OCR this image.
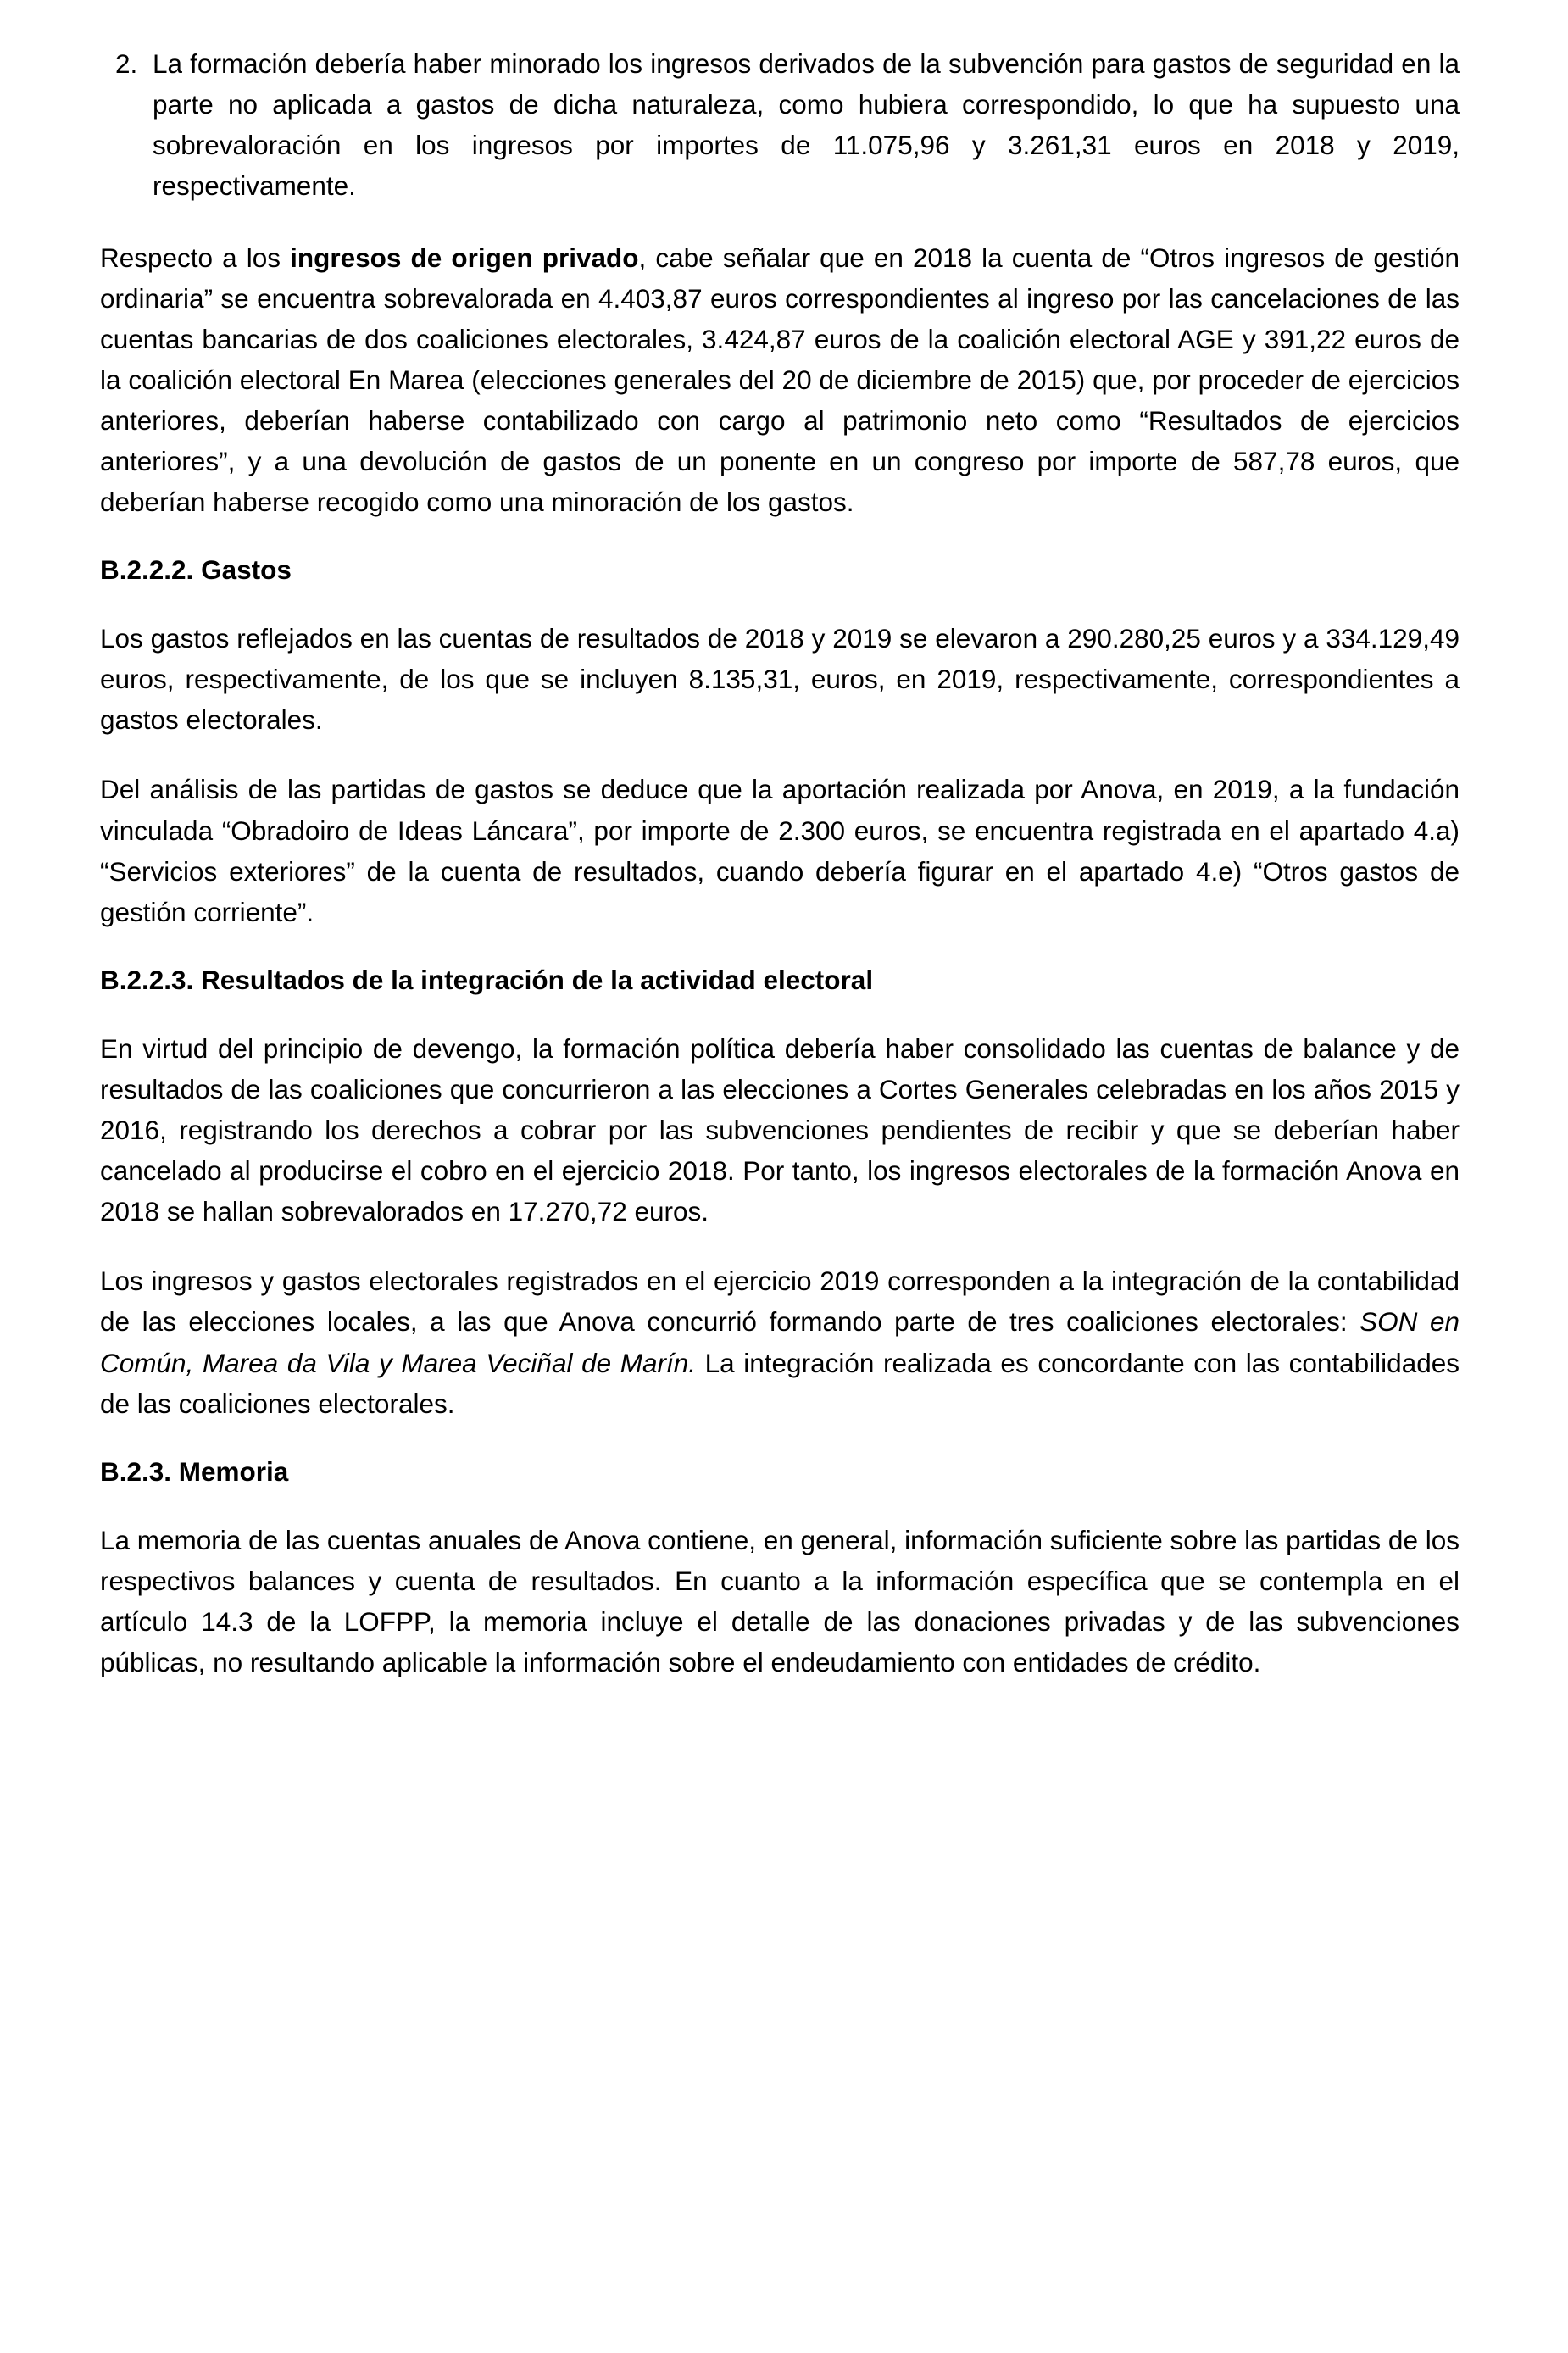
2. La formación debería haber minorado los ingresos derivados de la subvención para gastos de seguridad en la parte no aplicada a gastos de dicha naturaleza, como hubiera correspondido, lo que ha supuesto una sobrevaloración en los ingresos por importes de 11.075,96 y 3.261,31 euros en 2018 y 2019, respectivamente.

Respecto a los ingresos de origen privado, cabe señalar que en 2018 la cuenta de “Otros ingresos de gestión ordinaria” se encuentra sobrevalorada en 4.403,87 euros correspondientes al ingreso por las cancelaciones de las cuentas bancarias de dos coaliciones electorales, 3.424,87 euros de la coalición electoral AGE y 391,22 euros de la coalición electoral En Marea (elecciones generales del 20 de diciembre de 2015) que, por proceder de ejercicios anteriores, deberían haberse contabilizado con cargo al patrimonio neto como “Resultados de ejercicios anteriores”, y a una devolución de gastos de un ponente en un congreso por importe de 587,78 euros, que deberían haberse recogido como una minoración de los gastos.

B.2.2.2. Gastos

Los gastos reflejados en las cuentas de resultados de 2018 y 2019 se elevaron a 290.280,25 euros y a 334.129,49 euros, respectivamente, de los que se incluyen 8.135,31, euros, en 2019, respectivamente, correspondientes a gastos electorales.

Del análisis de las partidas de gastos se deduce que la aportación realizada por Anova, en 2019, a la fundación vinculada “Obradoiro de Ideas Láncara”, por importe de 2.300 euros, se encuentra registrada en el apartado 4.a) “Servicios exteriores” de la cuenta de resultados, cuando debería figurar en el apartado 4.e) “Otros gastos de gestión corriente”.

B.2.2.3. Resultados de la integración de la actividad electoral

En virtud del principio de devengo, la formación política debería haber consolidado las cuentas de balance y de resultados de las coaliciones que concurrieron a las elecciones a Cortes Generales celebradas en los años 2015 y 2016, registrando los derechos a cobrar por las subvenciones pendientes de recibir y que se deberían haber cancelado al producirse el cobro en el ejercicio 2018. Por tanto, los ingresos electorales de la formación Anova en 2018 se hallan sobrevalorados en 17.270,72 euros.

Los ingresos y gastos electorales registrados en el ejercicio 2019 corresponden a la integración de la contabilidad de las elecciones locales, a las que Anova concurrió formando parte de tres coaliciones electorales: SON en Común, Marea da Vila y Marea Veciñal de Marín. La integración realizada es concordante con las contabilidades de las coaliciones electorales.

B.2.3. Memoria

La memoria de las cuentas anuales de Anova contiene, en general, información suficiente sobre las partidas de los respectivos balances y cuenta de resultados. En cuanto a la información específica que se contempla en el artículo 14.3 de la LOFPP, la memoria incluye el detalle de las donaciones privadas y de las subvenciones públicas, no resultando aplicable la información sobre el endeudamiento con entidades de crédito.
